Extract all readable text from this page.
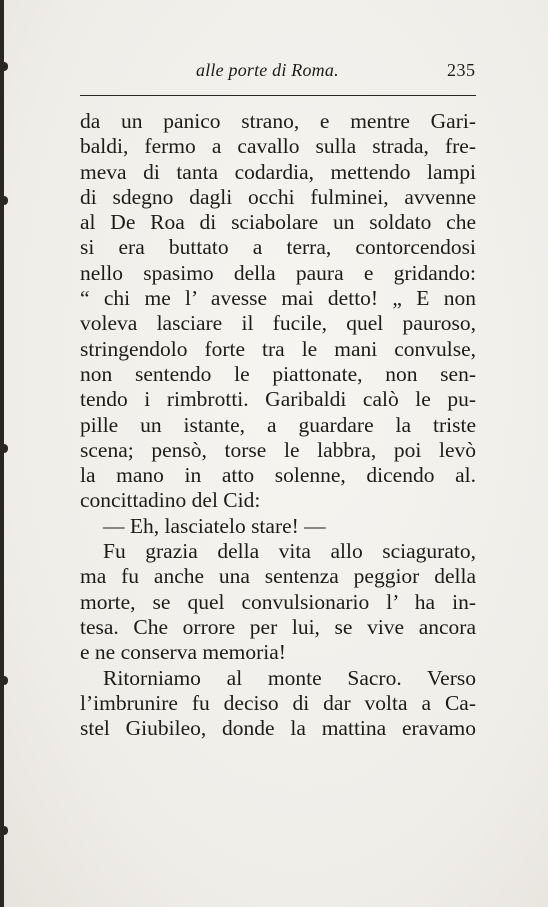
alle porte di Roma.	235
da un panico strano, e mentre Gari-
baldi, fermo a cavallo sulla strada, fre-
meva di tanta codardia, mettendo lampi
di sdegno dagli occhi fulminei, avvenne
al De Roa di sciabolare un soldato che
si era buttato a terra, contorcendosi
nello spasimo della paura e gridando:
“ chi me l’ avesse mai detto! „ E non
voleva lasciare il fucile, quel pauroso,
stringendolo forte tra le mani convulse,
non sentendo le piattonate, non sen-
tendo i rimbrotti. Garibaldi calò le pu-
pille un istante, a guardare la triste
scena; pensò, torse le labbra, poi levò
la mano in atto solenne, dicendo al.
concittadino del Cid:
— Eh, lasciatelo stare! —
Fu grazia della vita allo sciagurato,
ma fu anche una sentenza peggior della
morte, se quel convulsionario l’ ha in-
tesa. Che orrore per lui, se vive ancora
e ne conserva memoria!
Ritorniamo al monte Sacro. Verso
l’imbrunire fu deciso di dar volta a Ca-
stel Giubileo, donde la mattina eravamo
